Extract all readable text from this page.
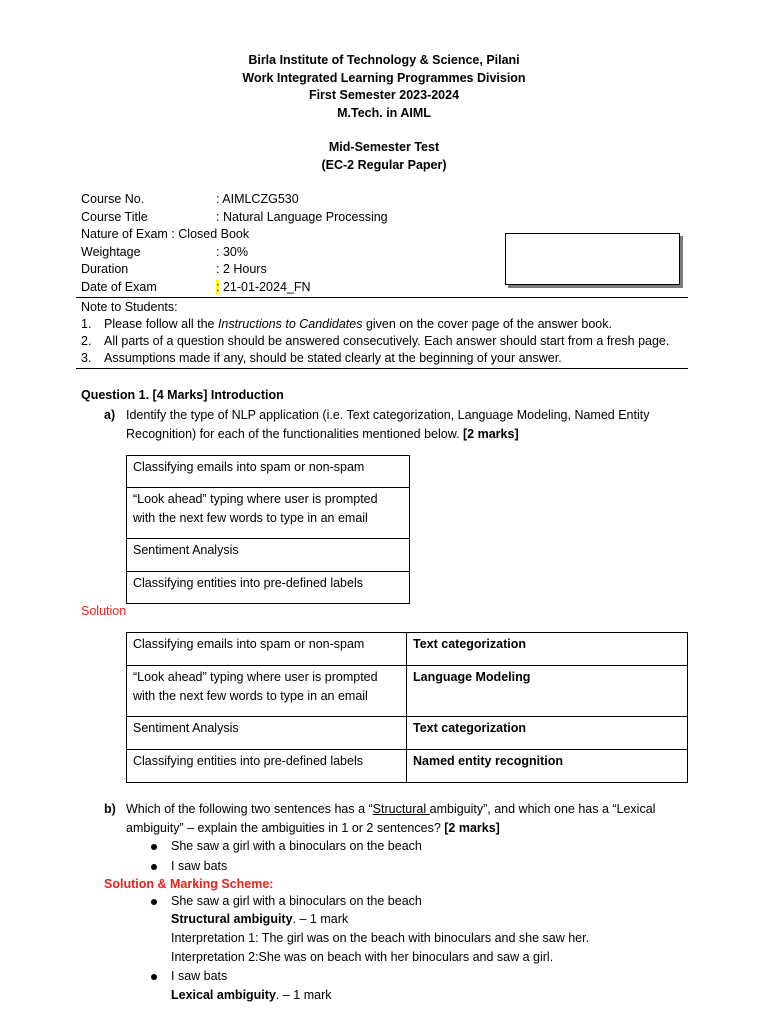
Birla Institute of Technology & Science, Pilani
Work Integrated Learning Programmes Division
First Semester 2023-2024
M.Tech. in AIML
Mid-Semester Test
(EC-2 Regular Paper)
Course No.	: AIMLCZG530
Course Title	: Natural Language Processing
Nature of Exam : Closed Book
Weightage	: 30%
Duration	: 2 Hours
Date of Exam	: 21-01-2024_FN
Note to Students:
1. Please follow all the Instructions to Candidates given on the cover page of the answer book.
2. All parts of a question should be answered consecutively. Each answer should start from a fresh page.
3. Assumptions made if any, should be stated clearly at the beginning of your answer.
Question 1. [4 Marks] Introduction
a) Identify the type of NLP application (i.e. Text categorization, Language Modeling, Named Entity
Recognition) for each of the functionalities mentioned below. [2 marks]
Classifying emails into spam or non-spam
“Look ahead” typing where user is prompted with the next few words to type in an email
Sentiment Analysis
Classifying entities into pre-defined labels
Solution
Classifying emails into spam or non-spam	Text categorization
“Look ahead” typing where user is prompted with the next few words to type in an email	Language Modeling
Sentiment Analysis	Text categorization
Classifying entities into pre-defined labels	Named entity recognition
b) Which of the following two sentences has a “Structural ambiguity”, and which one has a “Lexical
ambiguity” – explain the ambiguities in 1 or 2 sentences? [2 marks]
She saw a girl with a binoculars on the beach
I saw bats
Solution & Marking Scheme:
She saw a girl with a binoculars on the beach
Structural ambiguity. – 1 mark
Interpretation 1: The girl was on the beach with binoculars and she saw her.
Interpretation 2:She was on beach with her binoculars and saw a girl.
I saw bats
Lexical ambiguity. – 1 mark
